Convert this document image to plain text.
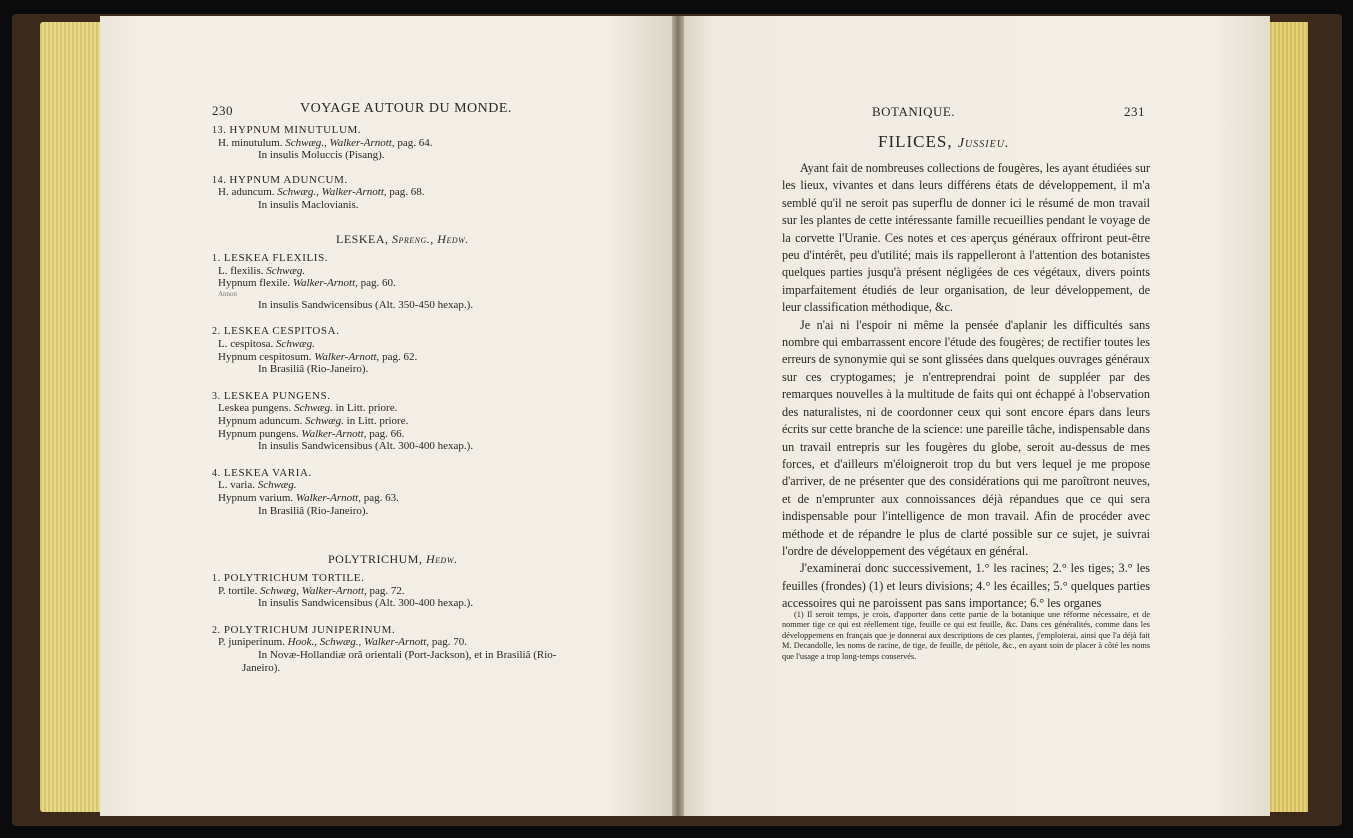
230	VOYAGE AUTOUR DU MONDE.
13. HYPNUM MINUTULUM.
H. minutulum. Schwæg., Walker-Arnott, pag. 64.
In insulis Moluccis (Pisang).
14. HYPNUM ADUNCUM.
H. aduncum. Schwæg., Walker-Arnott, pag. 68.
In insulis Maclovianis.
LESKEA, Spreng., Hedw.
1. LESKEA FLEXILIS.
L. flexilis. Schwæg.
Hypnum flexile. Walker-Arnott, pag. 60.
Annon
In insulis Sandwicensibus (Alt. 350-450 hexap.).
2. LESKEA CESPITOSA.
L. cespitosa. Schwæg.
Hypnum cespitosum. Walker-Arnott, pag. 62.
In Brasiliâ (Rio-Janeiro).
3. LESKEA PUNGENS.
Leskea pungens. Schwæg. in Litt. priore.
Hypnum aduncum. Schwæg. in Litt. priore.
Hypnum pungens. Walker-Arnott, pag. 66.
In insulis Sandwicensibus (Alt. 300-400 hexap.).
4. LESKEA VARIA.
L. varia. Schwæg.
Hypnum varium. Walker-Arnott, pag. 63.
In Brasiliâ (Rio-Janeiro).
POLYTRICHUM, Hedw.
1. POLYTRICHUM TORTILE.
P. tortile. Schwæg, Walker-Arnott, pag. 72.
In insulis Sandwicensibus (Alt. 300-400 hexap.).
2. POLYTRICHUM JUNIPERINUM.
P. juniperinum. Hook., Schwæg., Walker-Arnott, pag. 70.
In Novæ-Hollandiæ orâ orientali (Port-Jackson), et in Brasiliâ (Rio-
Janeiro).
BOTANIQUE.	231
FILICES, Jussieu.

Ayant fait de nombreuses collections de fougères, les ayant étudiées sur les lieux, vivantes et dans leurs différens états de développement, il m'a semblé qu'il ne seroit pas superflu de donner ici le résumé de mon travail sur les plantes de cette intéressante famille recueillies pendant le voyage de la corvette l'Uranie. Ces notes et ces aperçus généraux offriront peut-être peu d'intérêt, peu d'utilité; mais ils rappelleront à l'attention des botanistes quelques parties jusqu'à présent négligées de ces végétaux, divers points imparfaitement étudiés de leur organisation, de leur développement, de leur classification méthodique, &c.

Je n'ai ni l'espoir ni même la pensée d'aplanir les difficultés sans nombre qui embarrassent encore l'étude des fougères; de rectifier toutes les erreurs de synonymie qui se sont glissées dans quelques ouvrages généraux sur ces cryptogames; je n'entreprendrai point de suppléer par des remarques nouvelles à la multitude de faits qui ont échappé à l'observation des naturalistes, ni de coordonner ceux qui sont encore épars dans leurs écrits sur cette branche de la science: une pareille tâche, indispensable dans un travail entrepris sur les fougères du globe, seroit au-dessus de mes forces, et d'ailleurs m'éloigneroit trop du but vers lequel je me propose d'arriver, de ne présenter que des considérations qui me paroîtront neuves, et de n'emprunter aux connoissances déjà répandues que ce qui sera indispensable pour l'intelligence de mon travail. Afin de procéder avec méthode et de répandre le plus de clarté possible sur ce sujet, je suivrai l'ordre de développement des végétaux en général.

J'examinerai donc successivement, 1.° les racines; 2.° les tiges; 3.° les feuilles (frondes) (1) et leurs divisions; 4.° les écailles; 5.° quelques parties accessoires qui ne paroissent pas sans importance; 6.° les organes

(1) Il seroit temps, je crois, d'apporter dans cette partie de la botanique une réforme nécessaire, et de nommer tige ce qui est réellement tige, feuille ce qui est feuille, &c. Dans ces généralités, comme dans les développemens en français que je donnerai aux descriptions de ces plantes, j'emploierai, ainsi que l'a déjà fait M. Decandolle, les noms de racine, de tige, de feuille, de pétiole, &c., en ayant soin de placer à côté les noms que l'usage a trop long-temps conservés.
